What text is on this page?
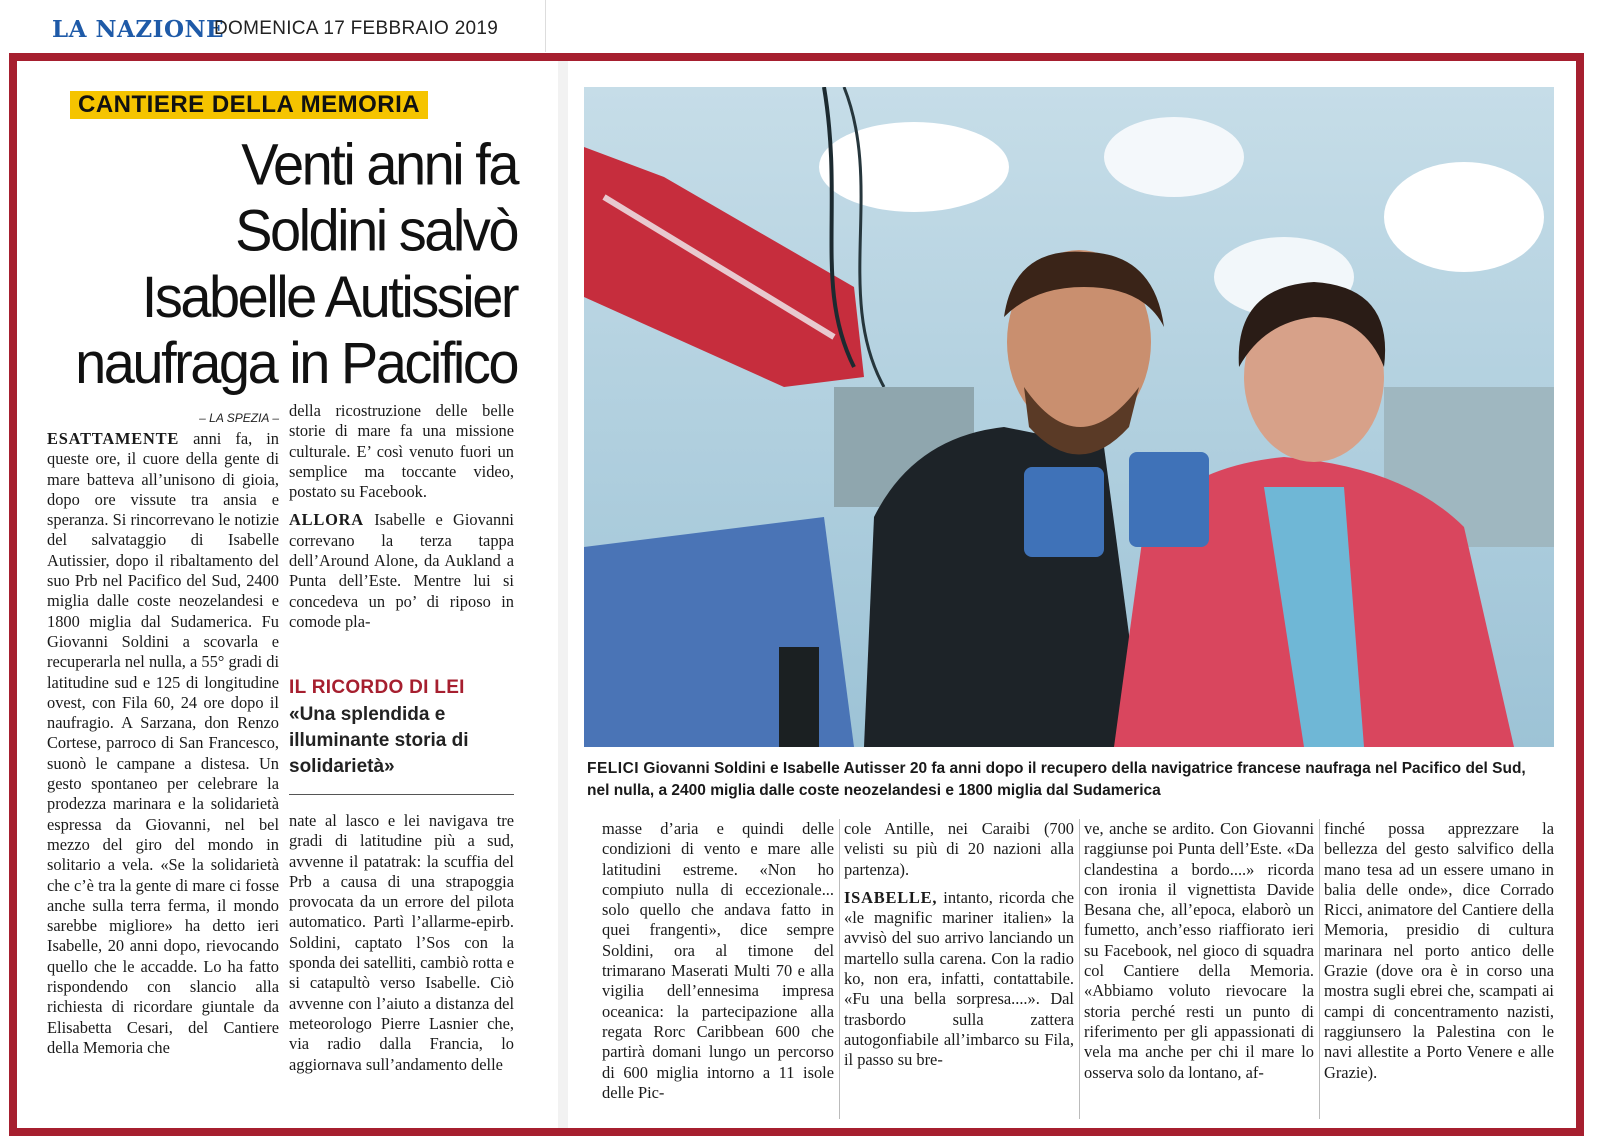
LA NAZIONE
DOMENICA 17 FEBBRAIO 2019
CANTIERE DELLA MEMORIA
Venti anni fa
Soldini salvò
Isabelle Autissier
naufraga in Pacifico
– LA SPEZIA –
ESATTAMENTE anni fa, in queste ore, il cuore della gente di mare batteva all’unisono di gioia, dopo ore vissute tra ansia e speranza. Si rincorrevano le notizie del salvataggio di Isabelle Autissier, dopo il ribaltamento del suo Prb nel Pacifico del Sud, 2400 miglia dalle coste neozelandesi e 1800 miglia dal Sudamerica. Fu Giovanni Soldini a scovarla e recuperarla nel nulla, a 55° gradi di latitudine sud e 125 di longitudine ovest, con Fila 60, 24 ore dopo il naufragio. A Sarzana, don Renzo Cortese, parroco di San Francesco, suonò le campane a distesa. Un gesto spontaneo per celebrare la prodezza marinara e la solidarietà espressa da Giovanni, nel bel mezzo del giro del mondo in solitario a vela. «Se la solidarietà che c’è tra la gente di mare ci fosse anche sulla terra ferma, il mondo sarebbe migliore» ha detto ieri Isabelle, 20 anni dopo, rievocando quello che le accadde. Lo ha fatto rispondendo con slancio alla richiesta di ricordare giuntale da Elisabetta Cesari, del Cantiere della Memoria che
della ricostruzione delle belle storie di mare fa una missione culturale. E’ così venuto fuori un semplice ma toccante video, postato su Facebook.
ALLORA Isabelle e Giovanni correvano la terza tappa dell’Around Alone, da Aukland a Punta dell’Este. Mentre lui si concedeva un po’ di riposo in comode pla-
IL RICORDO DI LEI
«Una splendida e illuminante storia di solidarietà»
nate al lasco e lei navigava tre gradi di latitudine più a sud, avvenne il patatrak: la scuffia del Prb a causa di una strapoggia provocata da un errore del pilota automatico. Partì l’allarme-epirb. Soldini, captato l’Sos con la sponda dei satelliti, cambiò rotta e si catapultò verso Isabelle. Ciò avvenne con l’aiuto a distanza del meteorologo Pierre Lasnier che, via radio dalla Francia, lo aggiornava sull’andamento delle
FELICI Giovanni Soldini e Isabelle Autisser 20 fa anni dopo il recupero della navigatrice francese naufraga nel Pacifico del Sud, nel nulla, a 2400 miglia dalle coste neozelandesi e 1800 miglia dal Sudamerica
masse d’aria e quindi delle condizioni di vento e mare alle latitudini estreme. «Non ho compiuto nulla di eccezionale... solo quello che andava fatto in quei frangenti», dice sempre Soldini, ora al timone del trimarano Maserati Multi 70 e alla vigilia dell’ennesima impresa oceanica: la partecipazione alla regata Rorc Caribbean 600 che partirà domani lungo un percorso di 600 miglia intorno a 11 isole delle Pic-
cole Antille, nei Caraibi (700 velisti su più di 20 nazioni alla partenza).
ISABELLE, intanto, ricorda che «le magnific mariner italien» la avvisò del suo arrivo lanciando un martello sulla carena. Con la radio ko, non era, infatti, contattabile. «Fu una bella sorpresa....». Dal trasbordo sulla zattera autogonfiabile all’imbarco su Fila, il passo su bre-
ve, anche se ardito. Con Giovanni raggiunse poi Punta dell’Este. «Da clandestina a bordo....» ricorda con ironia il vignettista Davide Besana che, all’epoca, elaborò un fumetto, anch’esso riaffiorato ieri su Facebook, nel gioco di squadra col Cantiere della Memoria. «Abbiamo voluto rievocare la storia perché resti un punto di riferimento per gli appassionati di vela ma anche per chi il mare lo osserva solo da lontano, af-
finché possa apprezzare la bellezza del gesto salvifico della mano tesa ad un essere umano in balia delle onde», dice Corrado Ricci, animatore del Cantiere della Memoria, presidio di cultura marinara nel porto antico delle Grazie (dove ora è in corso una mostra sugli ebrei che, scampati ai campi di concentramento nazisti, raggiunsero la Palestina con le navi allestite a Porto Venere e alle Grazie).
